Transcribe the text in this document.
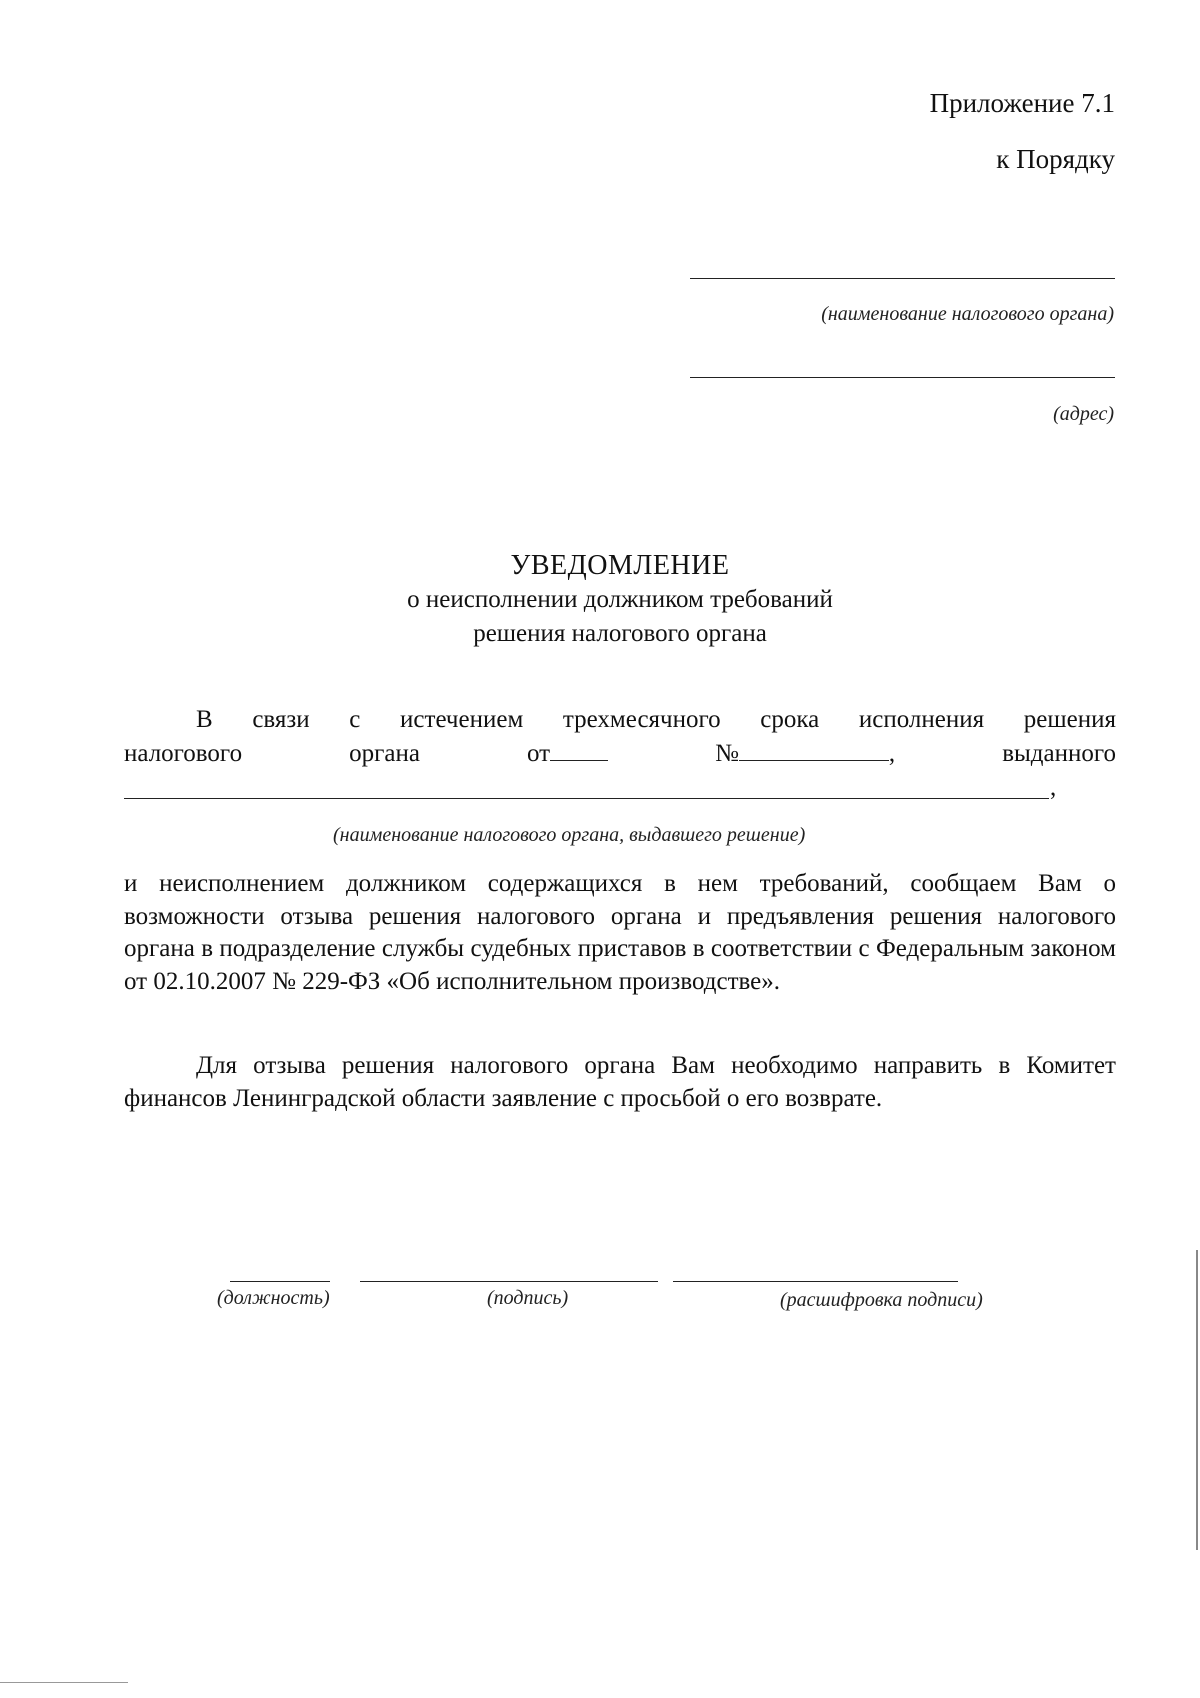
Приложение 7.1
к Порядку
(наименование налогового органа)
(адрес)
УВЕДОМЛЕНИЕ
о неисполнении должником требований
решения налогового органа
В связи с истечением трехмесячного срока исполнения решения
налогового	органа	от	№	,	выданного
,
(наименование налогового органа, выдавшего решение)
и неисполнением должником содержащихся в нем требований, сообщаем Вам о возможности отзыва решения налогового органа и предъявления решения налогового органа в подразделение службы судебных приставов в соответствии с Федеральным законом от 02.10.2007 № 229-ФЗ «Об исполнительном производстве».
Для отзыва решения налогового органа Вам необходимо направить в Комитет финансов Ленинградской области заявление с просьбой о его возврате.
(должность)	(подпись)	(расшифровка подписи)
